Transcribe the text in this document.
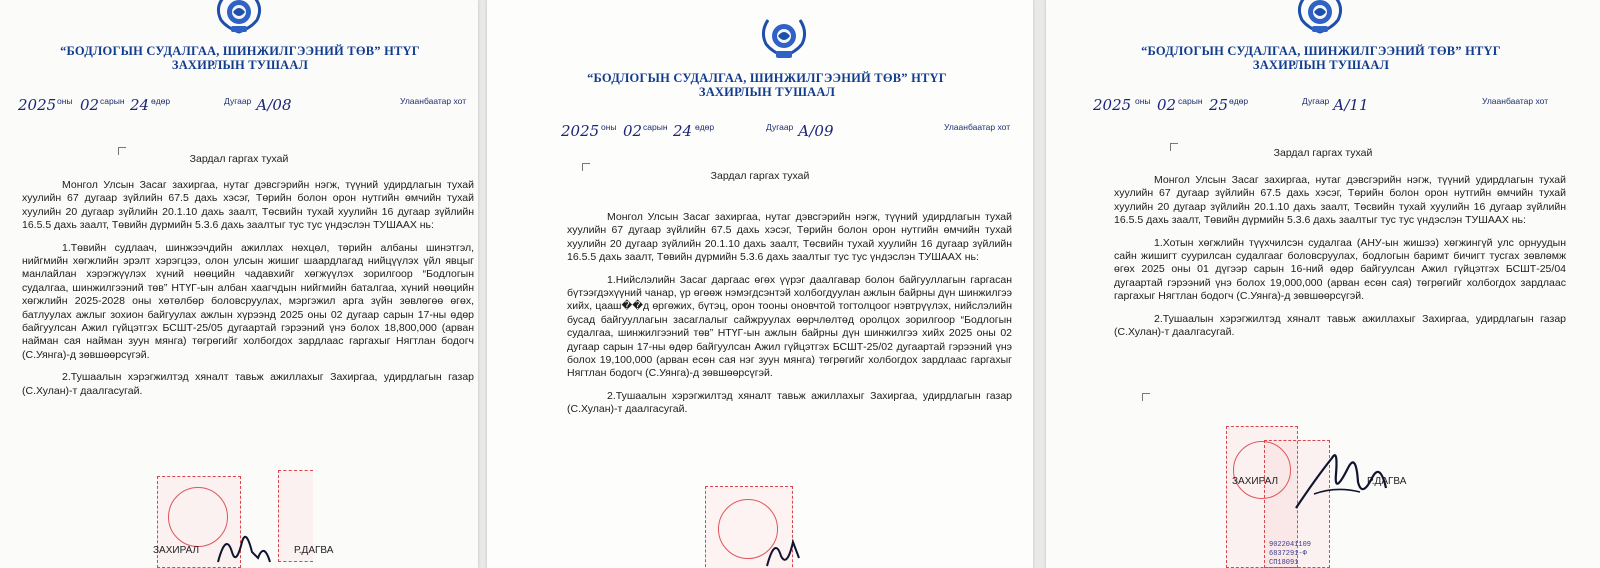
“БОДЛОГЫН СУДАЛГАА, ШИНЖИЛГЭЭНИЙ ТӨВ” НТҮГ
ЗАХИРЛЫН ТУШААЛ
2025 оны 02 сарын 24 өдөр	Дугаар А/08	Улаанбаатар хот
Зардал гаргах тухай

Монгол Улсын Засаг захиргаа, нутаг дэвсгэрийн нэгж, түүний удирдлагын тухай хуулийн 67 дугаар зүйлийн 67.5 дахь хэсэг, Төрийн болон орон нутгийн өмчийн тухай хуулийн 20 дугаар зүйлийн 20.1.10 дахь заалт, Төсвийн тухай хуулийн 16 дугаар зүйлийн 16.5.5 дахь заалт, Төвийн дүрмийн 5.3.6 дахь заалтыг тус тус үндэслэн ТУШААХ нь:

1.Төвийн судлаач, шинжээчдийн ажиллах нөхцөл, төрийн албаны шинэтгэл, нийгмийн хөгжлийн эрэлт хэрэгцээ, олон улсын жишиг шаардлагад нийцүүлэх үйл явцыг манлайлан хэрэгжүүлэх хүний нөөцийн чадавхийг хөгжүүлэх зорилгоор “Бодлогын судалгаа, шинжилгээний төв” НТҮГ-ын албан хаагчдын нийгмийн баталгаа, хүний нөөцийн хөгжлийн 2025-2028 оны хөтөлбөр боловсруулах, мэргэжил арга зүйн зөвлөгөө өгөх, батлуулах ажлыг зохион байгуулах ажлын хүрээнд 2025 оны 02 дугаар сарын 17-ны өдөр байгуулсан Ажил гүйцэтгэх БСШТ-25/05 дугаартай гэрээний үнэ болох 18,800,000 (арван найман сая найман зуун мянга) төгрөгийг холбогдох зардлаас гаргахыг Нягтлан бодогч (С.Уянга)-д зөвшөөрсүгэй.

2.Тушаалын хэрэгжилтэд хяналт тавьж ажиллахыг Захиргаа, удирдлагын газар (С.Хулан)-т даалгасугай.

ЗАХИРАЛ	Р.ДАГВА
“БОДЛОГЫН СУДАЛГАА, ШИНЖИЛГЭЭНИЙ ТӨВ” НТҮГ
ЗАХИРЛЫН ТУШААЛ
2025 оны 02 сарын 24 өдөр	Дугаар А/09	Улаанбаатар хот
Зардал гаргах тухай

Монгол Улсын Засаг захиргаа, нутаг дэвсгэрийн нэгж, түүний удирдлагын тухай хуулийн 67 дугаар зүйлийн 67.5 дахь хэсэг, Төрийн болон орон нутгийн өмчийн тухай хуулийн 20 дугаар зүйлийн 20.1.10 дахь заалт, Төсвийн тухай хуулийн 16 дугаар зүйлийн 16.5.5 дахь заалт, Төвийн дүрмийн 5.3.6 дахь заалтыг тус тус үндэслэн ТУШААХ нь:

1.Нийслэлийн Засаг даргаас өгөх үүрэг даалгавар болон байгууллагын гаргасан бүтээгдэхүүний чанар, үр өгөөж нэмэгдсэнтэй холбогдуулан ажлын байрны дүн шинжилгээ хийх, цааш��д өргөжих, бүтэц, орон тооны оновчтой тогтолцоог нэвтрүүлэх, нийслэлийн бусад байгууллагын засаглалыг сайжруулах өөрчлөлтөд оролцох зорилгоор “Бодлогын судалгаа, шинжилгээний төв” НТҮГ-ын ажлын байрны дүн шинжилгээ хийх 2025 оны 02 дугаар сарын 17-ны өдөр байгуулсан Ажил гүйцэтгэх БСШТ-25/02 дугаартай гэрээний үнэ болох 19,100,000 (арван есөн сая нэг зуун мянга) төгрөгийг холбогдох зардлаас гаргахыг Нягтлан бодогч (С.Уянга)-д зөвшөөрсүгэй.

2.Тушаалын хэрэгжилтэд хяналт тавьж ажиллахыг Захиргаа, удирдлагын газар (С.Хулан)-т даалгасугай.

“БОДЛОГЫН СУДАЛГАА, ШИНЖИЛГЭЭНИЙ ТӨВ” НТҮГ
ЗАХИРЛЫН ТУШААЛ
2025 оны 02 сарын 25 өдөр	Дугаар А/11	Улаанбаатар хот
Зардал гаргах тухай

Монгол Улсын Засаг захиргаа, нутаг дэвсгэрийн нэгж, түүний удирдлагын тухай хуулийн 67 дугаар зүйлийн 67.5 дахь хэсэг, Төрийн болон орон нутгийн өмчийн тухай хуулийн 20 дугаар зүйлийн 20.1.10 дахь заалт, Төсвийн тухай хуулийн 16 дугаар зүйлийн 16.5.5 дахь заалт, Төвийн дүрмийн 5.3.6 дахь заалтыг тус тус үндэслэн ТУШААХ нь:

1.Хотын хөгжлийн түүхчилсэн судалгаа (АНУ-ын жишээ) хөгжингүй улс орнуудын сайн жишигт суурилсан судалгааг боловсруулах, бодлогын баримт бичигт тусгах зөвлөмж өгөх 2025 оны 01 дүгээр сарын 16-ний өдөр байгуулсан Ажил гүйцэтгэх БСШТ-25/04 дугаартай гэрээний үнэ болох 19,000,000 (арван есөн сая) төгрөгийг холбогдох зардлаас гаргахыг Нягтлан бодогч (С.Уянга)-д зөвшөөрсүгэй.

2.Тушаалын хэрэгжилтэд хяналт тавьж ажиллахыг Захиргаа, удирдлагын газар (С.Хулан)-т даалгасугай.

9022041109 6837291-Ф СП18091
ЗАХИРАЛ	Р.ДАГВА
